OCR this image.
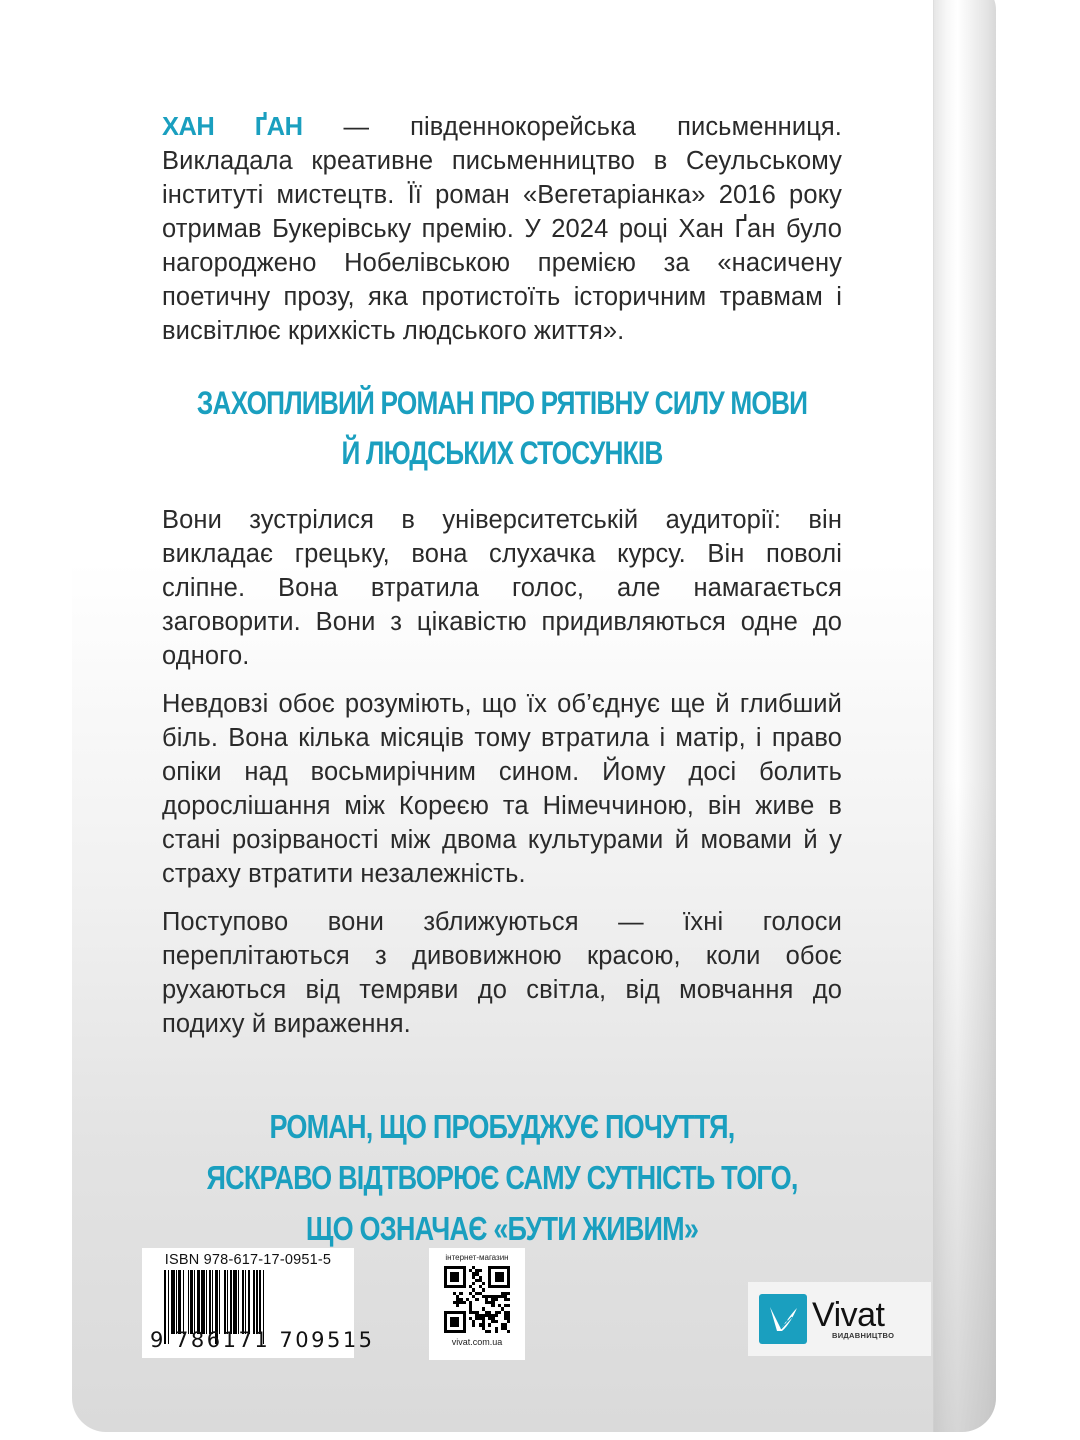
ХАН ҐАН — південнокорейська письменниця. Викладала креативне письменництво в Сеульському інституті мистецтв. Її роман «Вегетаріанка» 2016 року отримав Букерівську премію. У 2024 році Хан Ґан було нагороджено Нобелівською премією за «насичену поетичну прозу, яка протистоїть історичним травмам і висвітлює крихкість людського життя».

ЗАХОПЛИВИЙ РОМАН ПРО РЯТІВНУ СИЛУ МОВИ
Й ЛЮДСЬКИХ СТОСУНКІВ

Вони зустрілися в університетській аудиторії: він викладає грецьку, вона слухачка курсу. Він поволі сліпне. Вона втратила голос, але намагається заговорити. Вони з цікавістю придивляються одне до одного.

Невдовзі обоє розуміють, що їх об’єднує ще й глибший біль. Вона кілька місяців тому втратила і матір, і право опіки над восьмирічним сином. Йому досі болить дорослішання між Кореєю та Німеччиною, він живе в стані розірваності між двома культурами й мовами й у страху втратити незалежність.

Поступово вони зближуються — їхні голоси переплітаються з дивовижною красою, коли обоє рухаються від темряви до світла, від мовчання до подиху й вираження.

РОМАН, ЩО ПРОБУДЖУЄ ПОЧУТТЯ,
ЯСКРАВО ВІДТВОРЮЄ САМУ СУТНІСТЬ ТОГО,
ЩО ОЗНАЧАЄ «БУТИ ЖИВИМ»
ISBN 978-617-17-0951-5
9 786171 709515
інтернет-магазин
vivat.com.ua
Vivat
ВИДАВНИЦТВО
